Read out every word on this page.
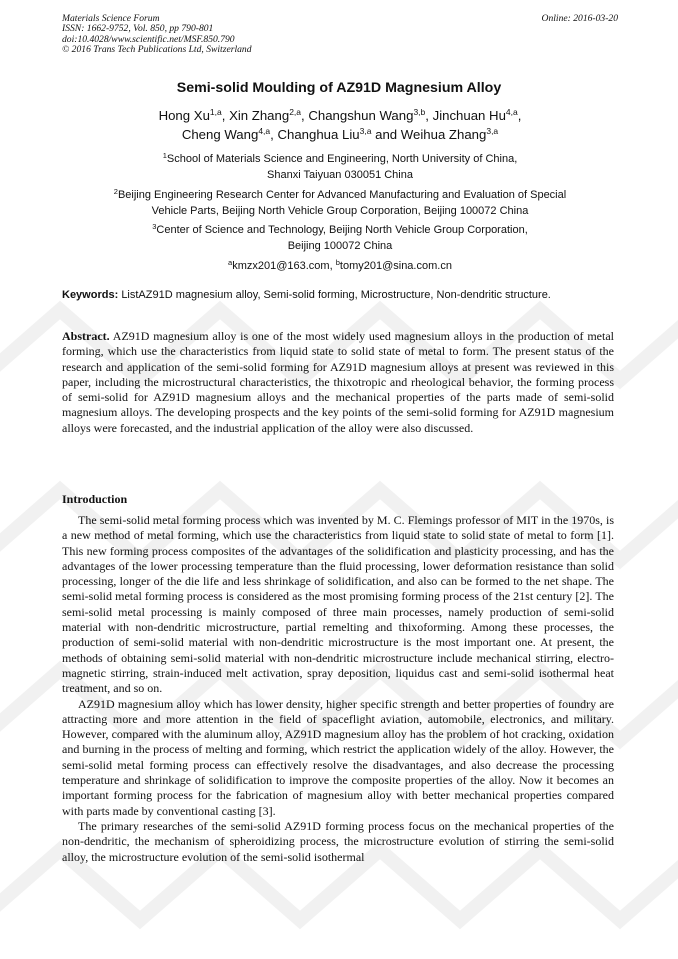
Materials Science Forum
ISSN: 1662-9752, Vol. 850, pp 790-801
doi:10.4028/www.scientific.net/MSF.850.790
© 2016 Trans Tech Publications Ltd, Switzerland
Online: 2016-03-20
Semi-solid Moulding of AZ91D Magnesium Alloy
Hong Xu$^{1,a}$, Xin Zhang$^{2,a}$, Changshun Wang$^{3,b}$, Jinchuan Hu$^{4,a}$,
Cheng Wang$^{4,a}$, Changhua Liu$^{3,a}$ and Weihua Zhang$^{3,a}$
$^1$School of Materials Science and Engineering, North University of China,
Shanxi Taiyuan 030051 China
$^2$Beijing Engineering Research Center for Advanced Manufacturing and Evaluation of Special
Vehicle Parts, Beijing North Vehicle Group Corporation, Beijing 100072 China
$^3$Center of Science and Technology, Beijing North Vehicle Group Corporation,
Beijing 100072 China
$^a$kmzx201@163.com, $^b$tomy201@sina.com.cn
Keywords: ListAZ91D magnesium alloy, Semi-solid forming, Microstructure, Non-dendritic structure.
Abstract. AZ91D magnesium alloy is one of the most widely used magnesium alloys in the production of metal forming, which use the characteristics from liquid state to solid state of metal to form. The present status of the research and application of the semi-solid forming for AZ91D magnesium alloys at present was reviewed in this paper, including the microstructural characteristics, the thixotropic and rheological behavior, the forming process of semi-solid for AZ91D magnesium alloys and the mechanical properties of the parts made of semi-solid magnesium alloys. The developing prospects and the key points of the semi-solid forming for AZ91D magnesium alloys were forecasted, and the industrial application of the alloy were also discussed.
Introduction

The semi-solid metal forming process which was invented by M. C. Flemings professor of MIT in the 1970s, is a new method of metal forming, which use the characteristics from liquid state to solid state of metal to form [1]. This new forming process composites of the advantages of the solidification and plasticity processing, and has the advantages of the lower processing temperature than the fluid processing, lower deformation resistance than solid processing, longer of the die life and less shrinkage of solidification, and also can be formed to the net shape. The semi-solid metal forming process is considered as the most promising forming process of the 21st century [2]. The semi-solid metal processing is mainly composed of three main processes, namely production of semi-solid material with non-dendritic microstructure, partial remelting and thixoforming. Among these processes, the production of semi-solid material with non-dendritic microstructure is the most important one. At present, the methods of obtaining semi-solid material with non-dendritic microstructure include mechanical stirring, electro-magnetic stirring, strain-induced melt activation, spray deposition, liquidus cast and semi-solid isothermal heat treatment, and so on.

AZ91D magnesium alloy which has lower density, higher specific strength and better properties of foundry are attracting more and more attention in the field of spaceflight aviation, automobile, electronics, and military. However, compared with the aluminum alloy, AZ91D magnesium alloy has the problem of hot cracking, oxidation and burning in the process of melting and forming, which restrict the application widely of the alloy. However, the semi-solid metal forming process can effectively resolve the disadvantages, and also decrease the processing temperature and shrinkage of solidification to improve the composite properties of the alloy. Now it becomes an important forming process for the fabrication of magnesium alloy with better mechanical properties compared with parts made by conventional casting [3].

The primary researches of the semi-solid AZ91D forming process focus on the mechanical properties of the non-dendritic, the mechanism of spheroidizing process, the microstructure evolution of stirring the semi-solid alloy, the microstructure evolution of the semi-solid isothermal
